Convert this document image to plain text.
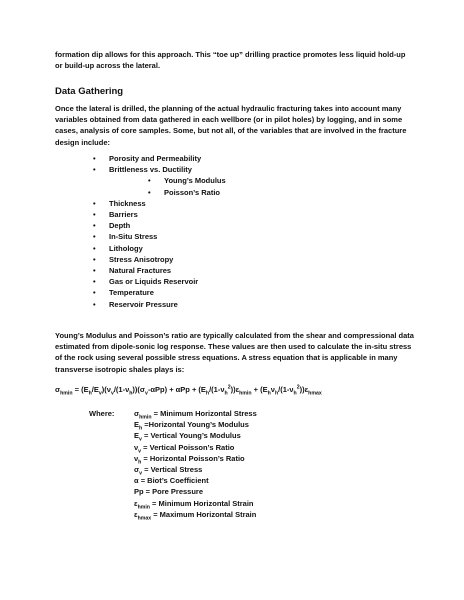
formation dip allows for this approach. This “toe up” drilling practice promotes less liquid hold-up or build-up across the lateral.
Data Gathering
Once the lateral is drilled, the planning of the actual hydraulic fracturing takes into account many variables obtained from data gathered in each wellbore (or in pilot holes) by logging, and in some cases, analysis of core samples. Some, but not all, of the variables that are involved in the fracture design include:
• Porosity and Permeability
• Brittleness vs. Ductility
• Young’s Modulus
• Poisson’s Ratio
• Thickness
• Barriers
• Depth
• In-Situ Stress
• Lithology
• Stress Anisotropy
• Natural Fractures
• Gas or Liquids Reservoir
• Temperature
• Reservoir Pressure
Young’s Modulus and Poisson’s ratio are typically calculated from the shear and compressional data estimated from dipole-sonic log response. These values are then used to calculate the in-situ stress of the rock using several possible stress equations. A stress equation that is applicable in many transverse isotropic shales plays is:
$\sigma_{hmin} = (E_h/E_v)(\nu_v/(1-\nu_h))(\sigma_v-\alpha Pp) + \alpha Pp + (E_h/(1-\nu_h^2))\varepsilon_{hmin} + (E_h\nu_h/(1-\nu_h^2))\varepsilon_{hmax}$
Where:	$\sigma_{hmin}$ = Minimum Horizontal Stress
$E_h$ =Horizontal Young’s Modulus
$E_v$ = Vertical Young’s Modulus
$\nu_v$ = Vertical Poisson’s Ratio
$\nu_h$ = Horizontal Poisson’s Ratio
$\sigma_v$ = Vertical Stress
α = Biot’s Coefficient
Pp = Pore Pressure
$\varepsilon_{hmin}$ = Minimum Horizontal Strain
$\varepsilon_{hmax}$ = Maximum Horizontal Strain
